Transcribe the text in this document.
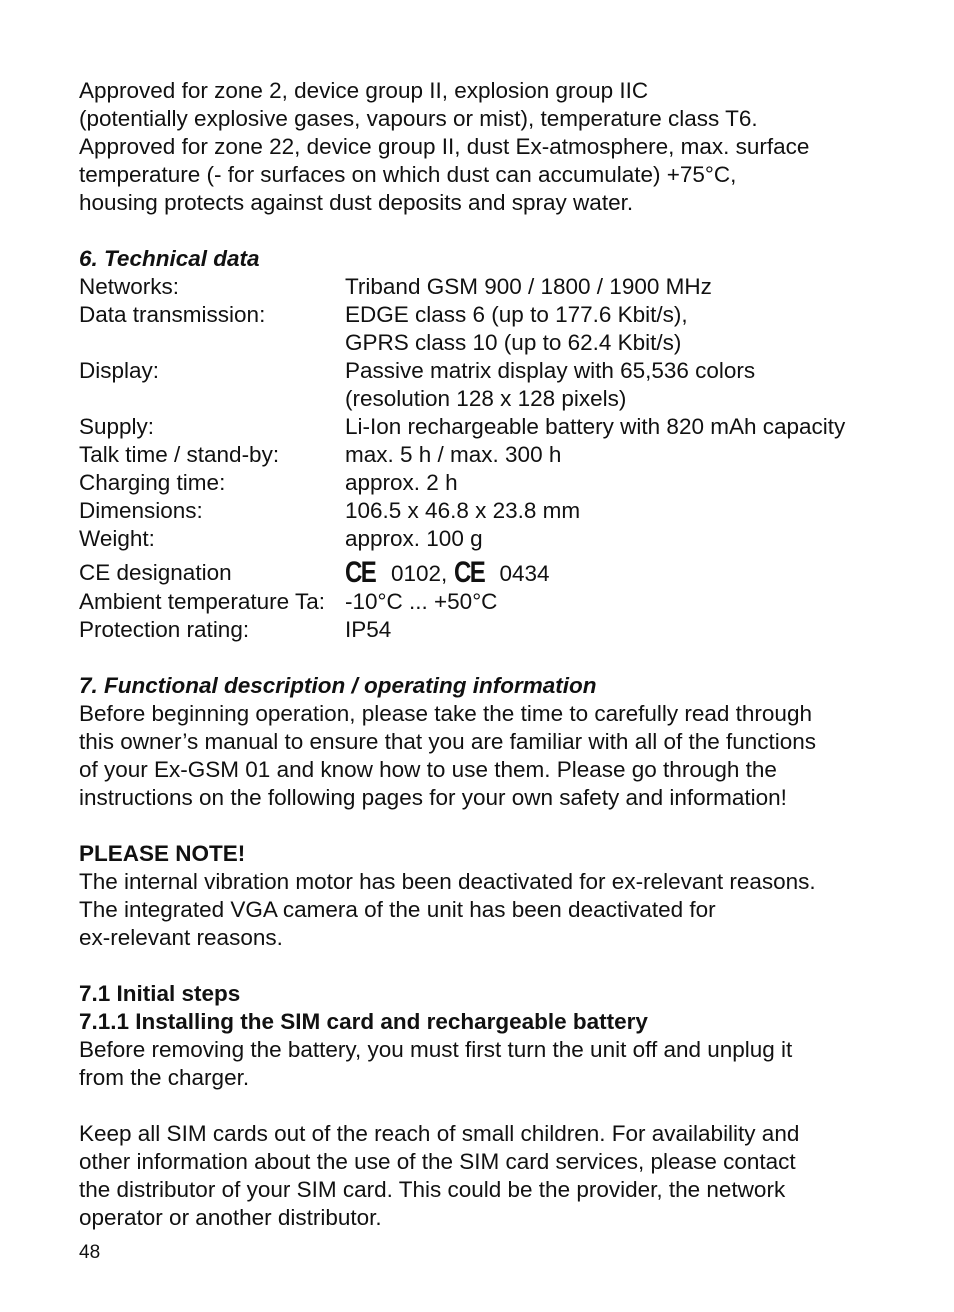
Approved for zone 2, device group II, explosion group IIC

(potentially explosive gases, vapours or mist), temperature class T6.

Approved for zone 22, device group II, dust Ex-atmosphere, max. surface

temperature (- for surfaces on which dust can accumulate) +75°C,

housing protects against dust deposits and spray water.

6. Technical data

Networks:	Triband GSM 900 / 1800 / 1900 MHz
Data transmission:	EDGE class 6 (up to 177.6 Kbit/s),
GPRS class 10 (up to 62.4 Kbit/s)
Display:	Passive matrix display with 65,536 colors
(resolution 128 x 128 pixels)
Supply:	Li-Ion rechargeable battery with 820 mAh capacity
Talk time / stand-by:	max. 5 h / max. 300 h
Charging time:	approx. 2 h
Dimensions:	106.5 x 46.8 x 23.8 mm
Weight:	approx. 100 g
CE designation	CE 0102, CE 0434
Ambient temperature Ta: -10°C ... +50°C
Protection rating:	IP54

7. Functional description / operating information

Before beginning operation, please take the time to carefully read through

this owner’s manual to ensure that you are familiar with all of the functions

of your Ex-GSM 01 and know how to use them. Please go through the

instructions on the following pages for your own safety and information!

PLEASE NOTE!

The internal vibration motor has been deactivated for ex-relevant reasons.

The integrated VGA camera of the unit has been deactivated for

ex-relevant reasons.

7.1 Initial steps

7.1.1 Installing the SIM card and rechargeable battery

Before removing the battery, you must first turn the unit off and unplug it

from the charger.

Keep all SIM cards out of the reach of small children. For availability and

other information about the use of the SIM card services, please contact

the distributor of your SIM card. This could be the provider, the network

operator or another distributor.

48
